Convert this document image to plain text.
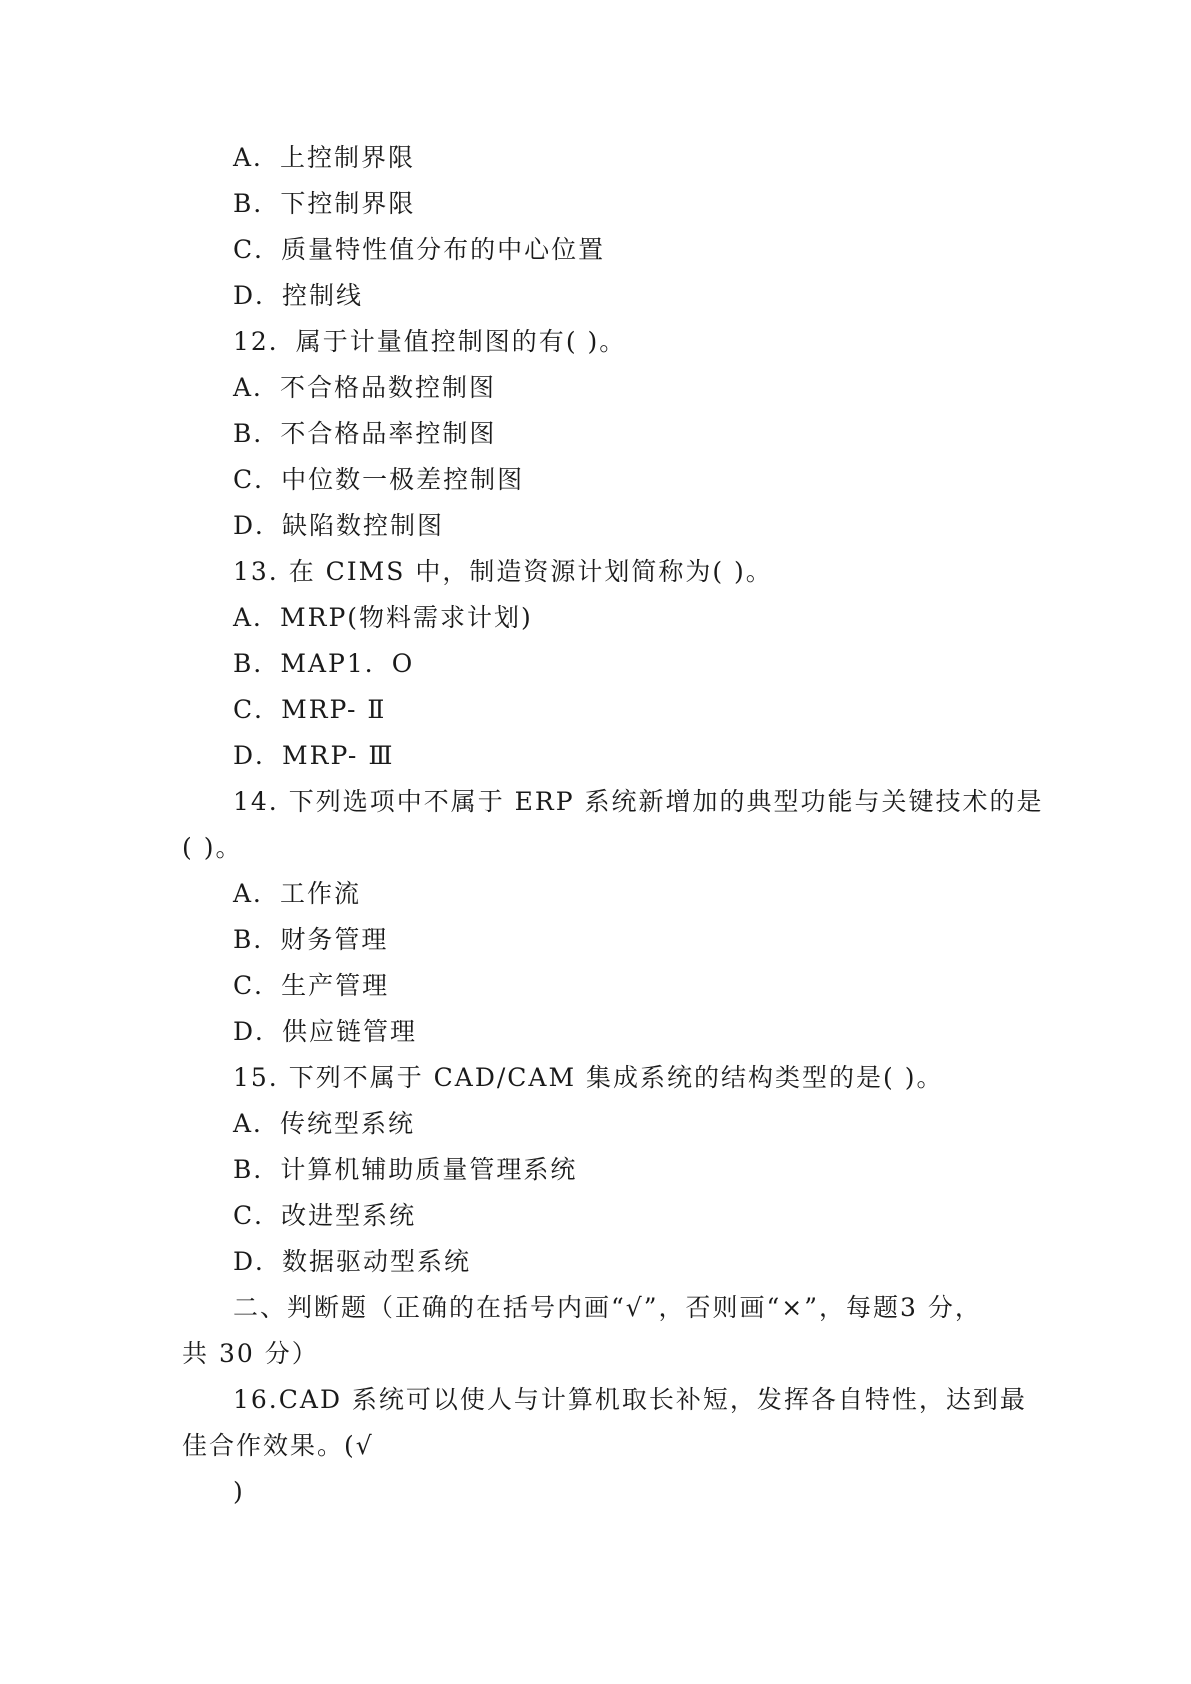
A．上控制界限
B．下控制界限
C．质量特性值分布的中心位置
D．控制线
12．属于计量值控制图的有( )。
A．不合格品数控制图
B．不合格品率控制图
C．中位数一极差控制图
D．缺陷数控制图
13. 在 CIMS 中，制造资源计划简称为( )。
A．MRP(物料需求计划)
B．MAP1．O
C．MRP- Ⅱ
D．MRP- Ⅲ
14. 下列选项中不属于 ERP 系统新增加的典型功能与关键技术的是
( )。
A．工作流
B．财务管理
C．生产管理
D．供应链管理
15. 下列不属于 CAD/CAM 集成系统的结构类型的是( )。
A．传统型系统
B．计算机辅助质量管理系统
C．改进型系统
D．数据驱动型系统
二、判断题（正确的在括号内画“√”，否则画“×”，每题3 分，
共 30 分）
16.CAD 系统可以使人与计算机取长补短，发挥各自特性，达到最
佳合作效果。(√
)
